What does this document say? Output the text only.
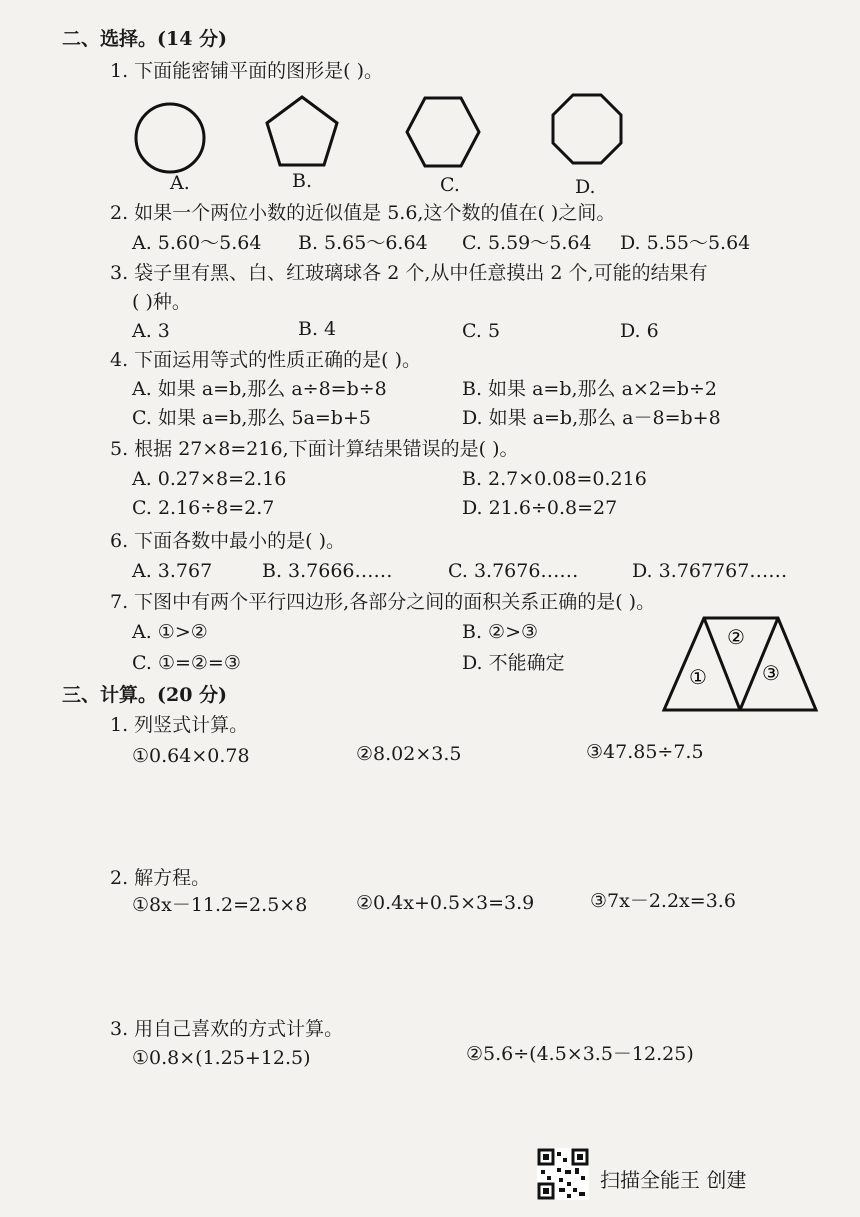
二、选择。(14 分)
1. 下面能密铺平面的图形是( )。
A.	B.	C.	D.
2. 如果一个两位小数的近似值是 5.6,这个数的值在( )之间。
A. 5.60～5.64 B. 5.65～6.64 C. 5.59～5.64 D. 5.55～5.64
3. 袋子里有黑、白、红玻璃球各 2 个,从中任意摸出 2 个,可能的结果有
( )种。
A. 3	B. 4	C. 5	D. 6
4. 下面运用等式的性质正确的是( )。
A. 如果 a=b,那么 a÷8=b÷8	B. 如果 a=b,那么 a×2=b÷2
C. 如果 a=b,那么 5a=b+5	D. 如果 a=b,那么 a－8=b+8
5. 根据 27×8=216,下面计算结果错误的是( )。
A. 0.27×8=2.16	B. 2.7×0.08=0.216
C. 2.16÷8=2.7	D. 21.6÷0.8=27
6. 下面各数中最小的是( )。
A. 3.767	B. 3.7666……	C. 3.7676……	D. 3.767767……
7. 下图中有两个平行四边形,各部分之间的面积关系正确的是( )。
A. ①>②	B. ②>③
C. ①=②=③	D. 不能确定
①
②
③
三、计算。(20 分)
1. 列竖式计算。
①0.64×0.78	②8.02×3.5	③47.85÷7.5
2. 解方程。
①8x－11.2=2.5×8	②0.4x+0.5×3=3.9	③7x－2.2x=3.6
3. 用自己喜欢的方式计算。
①0.8×(1.25+12.5)	②5.6÷(4.5×3.5－12.25)
扫描全能王 创建
